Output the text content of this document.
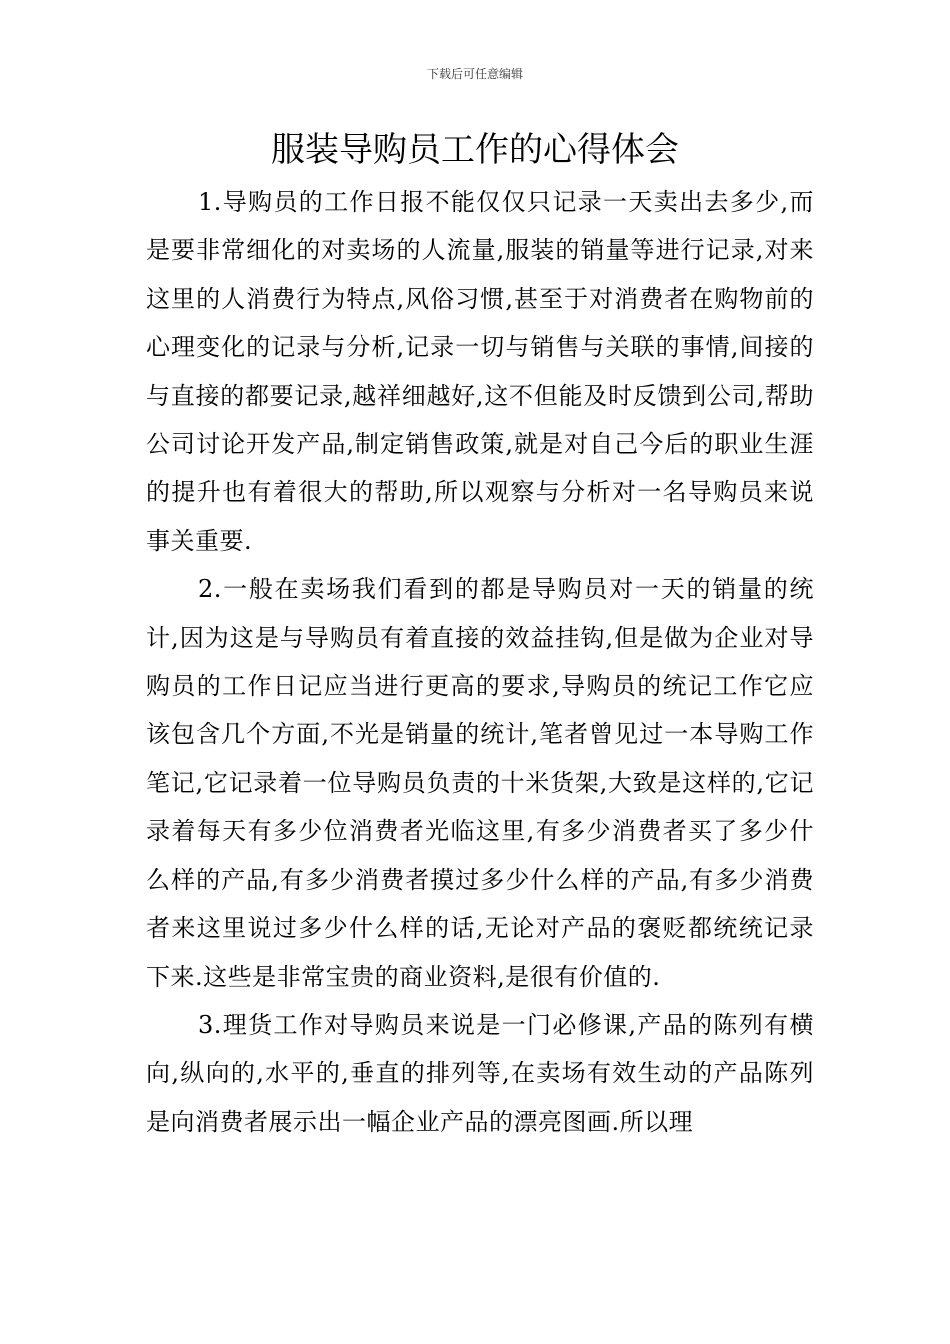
下载后可任意编辑
服装导购员工作的心得体会

1.导购员的工作日报不能仅仅只记录一天卖出去多少,而是要非常细化的对卖场的人流量,服装的销量等进行记录,对来这里的人消费行为特点,风俗习惯,甚至于对消费者在购物前的心理变化的记录与分析,记录一切与销售与关联的事情,间接的与直接的都要记录,越祥细越好,这不但能及时反馈到公司,帮助公司讨论开发产品,制定销售政策,就是对自己今后的职业生涯的提升也有着很大的帮助,所以观察与分析对一名导购员来说事关重要.

2.一般在卖场我们看到的都是导购员对一天的销量的统计,因为这是与导购员有着直接的效益挂钩,但是做为企业对导购员的工作日记应当进行更高的要求,导购员的统记工作它应该包含几个方面,不光是销量的统计,笔者曾见过一本导购工作笔记,它记录着一位导购员负责的十米货架,大致是这样的,它记录着每天有多少位消费者光临这里,有多少消费者买了多少什么样的产品,有多少消费者摸过多少什么样的产品,有多少消费者来这里说过多少什么样的话,无论对产品的褒贬都统统记录下来.这些是非常宝贵的商业资料,是很有价值的.

3.理货工作对导购员来说是一门必修课,产品的陈列有横向,纵向的,水平的,垂直的排列等,在卖场有效生动的产品陈列是向消费者展示出一幅企业产品的漂亮图画.所以理
